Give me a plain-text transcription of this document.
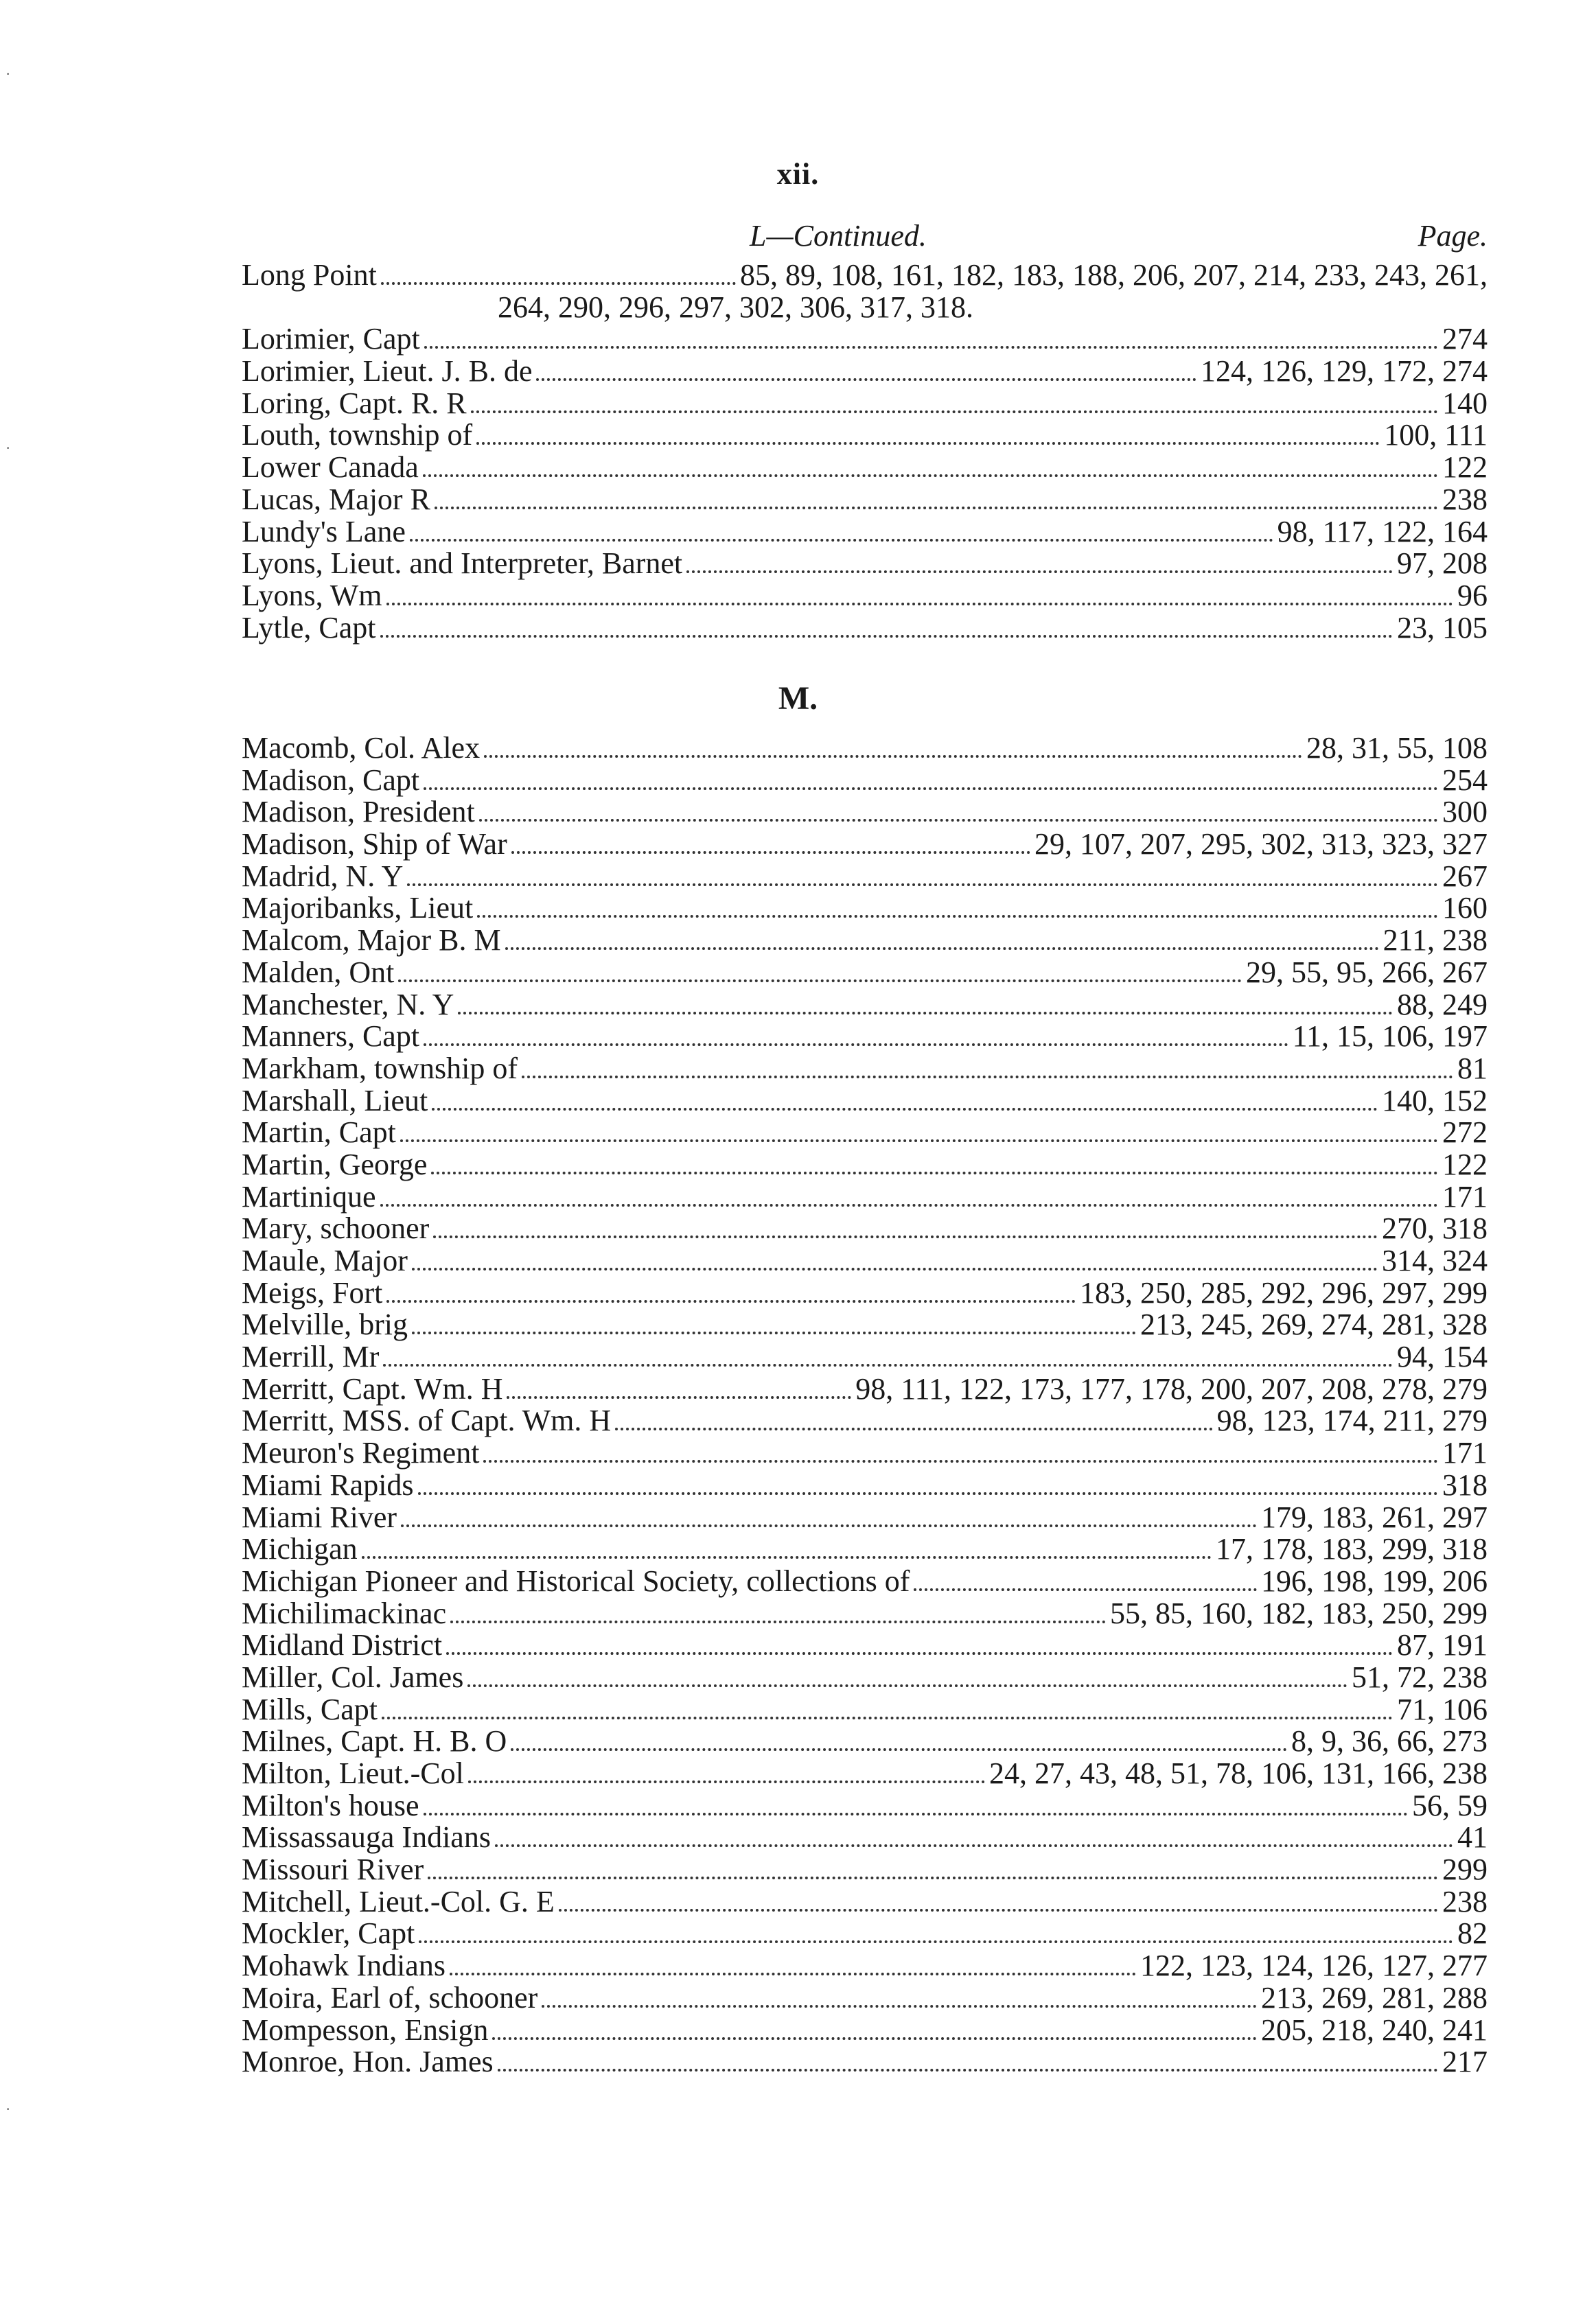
xii.
L—Continued.	Page.
Long Point	85, 89, 108, 161, 182, 183, 188, 206, 207, 214, 233, 243, 261,
264, 290, 296, 297, 302, 306, 317, 318.
Lorimier, Capt	274
Lorimier, Lieut. J. B. de	124, 126, 129, 172, 274
Loring, Capt. R. R	140
Louth, township of	100, 111
Lower Canada	122
Lucas, Major R	238
Lundy's Lane	98, 117, 122, 164
Lyons, Lieut. and Interpreter, Barnet	97, 208
Lyons, Wm	96
Lytle, Capt	23, 105
M.
Macomb, Col. Alex	28, 31, 55, 108
Madison, Capt	254
Madison, President	300
Madison, Ship of War	29, 107, 207, 295, 302, 313, 323, 327
Madrid, N. Y	267
Majoribanks, Lieut	160
Malcom, Major B. M	211, 238
Malden, Ont	29, 55, 95, 266, 267
Manchester, N. Y	88, 249
Manners, Capt	11, 15, 106, 197
Markham, township of	81
Marshall, Lieut	140, 152
Martin, Capt	272
Martin, George	122
Martinique	171
Mary, schooner	270, 318
Maule, Major	314, 324
Meigs, Fort	183, 250, 285, 292, 296, 297, 299
Melville, brig	213, 245, 269, 274, 281, 328
Merrill, Mr	94, 154
Merritt, Capt. Wm. H	98, 111, 122, 173, 177, 178, 200, 207, 208, 278, 279
Merritt, MSS. of Capt. Wm. H	98, 123, 174, 211, 279
Meuron's Regiment	171
Miami Rapids	318
Miami River	179, 183, 261, 297
Michigan	17, 178, 183, 299, 318
Michigan Pioneer and Historical Society, collections of	196, 198, 199, 206
Michilimackinac	55, 85, 160, 182, 183, 250, 299
Midland District	87, 191
Miller, Col. James	51, 72, 238
Mills, Capt	71, 106
Milnes, Capt. H. B. O	8, 9, 36, 66, 273
Milton, Lieut.-Col	24, 27, 43, 48, 51, 78, 106, 131, 166, 238
Milton's house	56, 59
Missassauga Indians	41
Missouri River	299
Mitchell, Lieut.-Col. G. E	238
Mockler, Capt	82
Mohawk Indians	122, 123, 124, 126, 127, 277
Moira, Earl of, schooner	213, 269, 281, 288
Mompesson, Ensign	205, 218, 240, 241
Monroe, Hon. James	217
·
·
·
